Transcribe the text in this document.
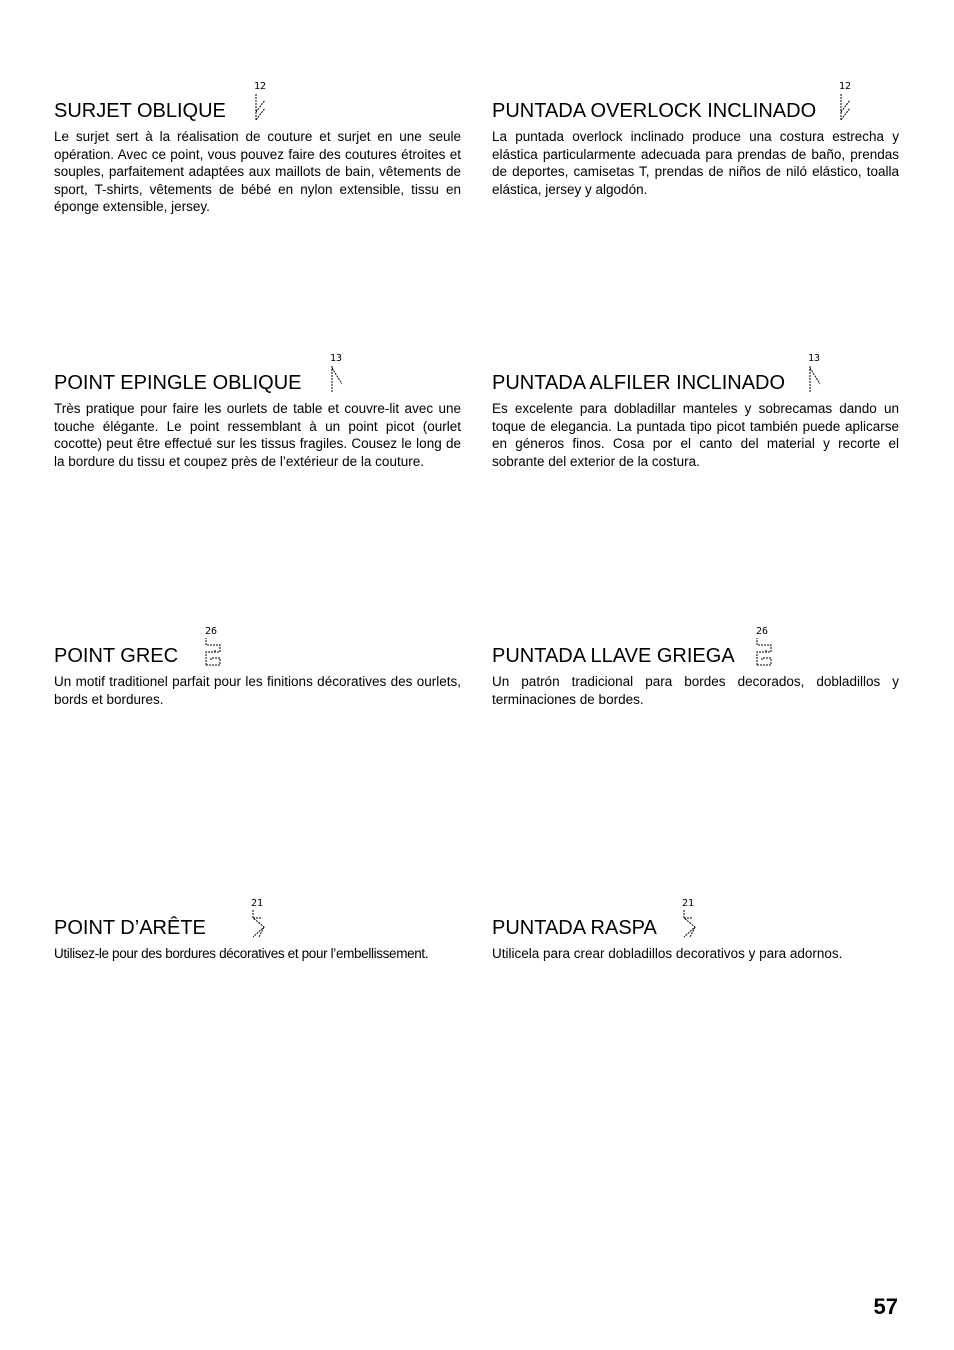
SURJET OBLIQUE
12
Le surjet sert à la réalisation de couture et surjet en une seule opération. Avec ce point, vous pouvez faire des coutures étroites et souples, parfaitement adaptées aux maillots de bain, vêtements de sport, T-shirts, vêtements de bébé en nylon extensible, tissu en éponge extensible, jersey.
PUNTADA OVERLOCK INCLINADO
12
La puntada overlock inclinado produce una costura estrecha y elástica particularmente adecuada para prendas de baño, prendas de deportes, camisetas T, prendas de niños de niló elástico, toalla elástica, jersey y algodón.
POINT EPINGLE OBLIQUE
13
Très pratique pour faire les ourlets de table et couvre-lit avec une touche élégante. Le point ressemblant à un point picot (ourlet cocotte) peut être effectué sur les tissus fragiles. Cousez le long de la bordure du tissu et coupez près de l’extérieur de la couture.
PUNTADA ALFILER INCLINADO
13
Es excelente para dobladillar manteles y sobrecamas dando un toque de elegancia. La puntada tipo picot también puede aplicarse en géneros finos. Cosa por el canto del material y recorte el sobrante del exterior de la costura.
POINT GREC
26
Un motif traditionel parfait pour les finitions décoratives des ourlets, bords et bordures.
PUNTADA LLAVE GRIEGA
26
Un patrón tradicional para bordes decorados, dobladillos y terminaciones de bordes.
POINT D’ARÊTE
21
Utilisez-le pour des bordures décoratives et pour l’embellissement.
PUNTADA RASPA
21
Utilicela para crear dobladillos decorativos y para adornos.
57
